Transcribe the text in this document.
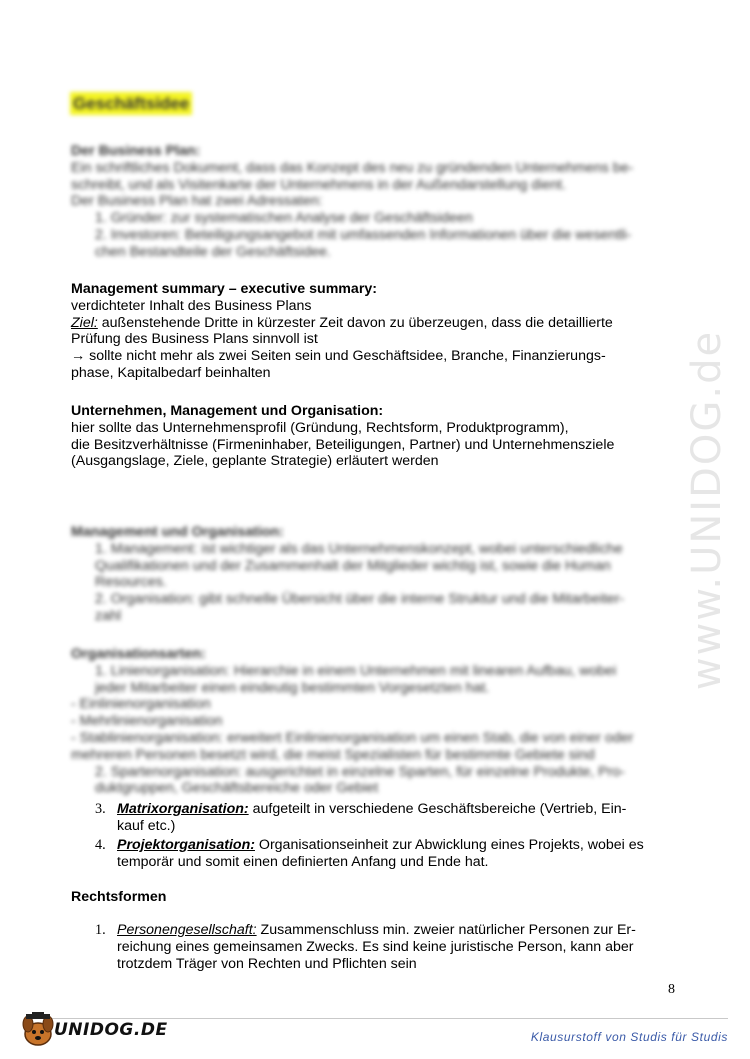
www.UNIDOG.de
Geschäftsidee
Der Business Plan:
Ein schriftliches Dokument, dass das Konzept des neu zu gründenden Unternehmens be-
schreibt, und als Visitenkarte der Unternehmens in der Außendarstellung dient.
Der Business Plan hat zwei Adressaten:
1. Gründer: zur systematischen Analyse der Geschäftsideen
2. Investoren: Beteiligungsangebot mit umfassenden Informationen über die wesentli-
chen Bestandteile der Geschäftsidee.
Management summary – executive summary:
verdichteter Inhalt des Business Plans
Ziel: außenstehende Dritte in kürzester Zeit davon zu überzeugen, dass die detaillierte
Prüfung des Business Plans sinnvoll ist
→ sollte nicht mehr als zwei Seiten sein und Geschäftsidee, Branche, Finanzierungs-
phase, Kapitalbedarf beinhalten
Unternehmen, Management und Organisation:
hier sollte das Unternehmensprofil (Gründung, Rechtsform, Produktprogramm),
die Besitzverhältnisse (Firmeninhaber, Beteiligungen, Partner) und Unternehmensziele
(Ausgangslage, Ziele, geplante Strategie) erläutert werden
Management und Organisation:
1. Management: ist wichtiger als das Unternehmenskonzept, wobei unterschiedliche
Qualifikationen und der Zusammenhalt der Mitglieder wichtig ist, sowie die Human
Resources.
2. Organisation: gibt schnelle Übersicht über die interne Struktur und die Mitarbeiter-
zahl
Organisationsarten:
1. Linienorganisation: Hierarchie in einem Unternehmen mit linearen Aufbau, wobei
jeder Mitarbeiter einen eindeutig bestimmten Vorgesetzten hat.
- Einlinienorganisation
- Mehrlinienorganisation
- Stablinienorganisation: erweitert Einlinienorganisation um einen Stab, die von einer oder
mehreren Personen besetzt wird, die meist Spezialisten für bestimmte Gebiete sind
2. Spartenorganisation: ausgerichtet in einzelne Sparten, für einzelne Produkte, Pro-
duktgruppen, Geschäftsbereiche oder Gebiet
3. Matrixorganisation: aufgeteilt in verschiedene Geschäftsbereiche (Vertrieb, Ein-
kauf etc.)
4. Projektorganisation: Organisationseinheit zur Abwicklung eines Projekts, wobei es
temporär und somit einen definierten Anfang und Ende hat.
Rechtsformen
1. Personengesellschaft: Zusammenschluss min. zweier natürlicher Personen zur Er-
reichung eines gemeinsamen Zwecks. Es sind keine juristische Person, kann aber
trotzdem Träger von Rechten und Pflichten sein
8
UNIDOG.DE	Klausurstoff von Studis für Studis
